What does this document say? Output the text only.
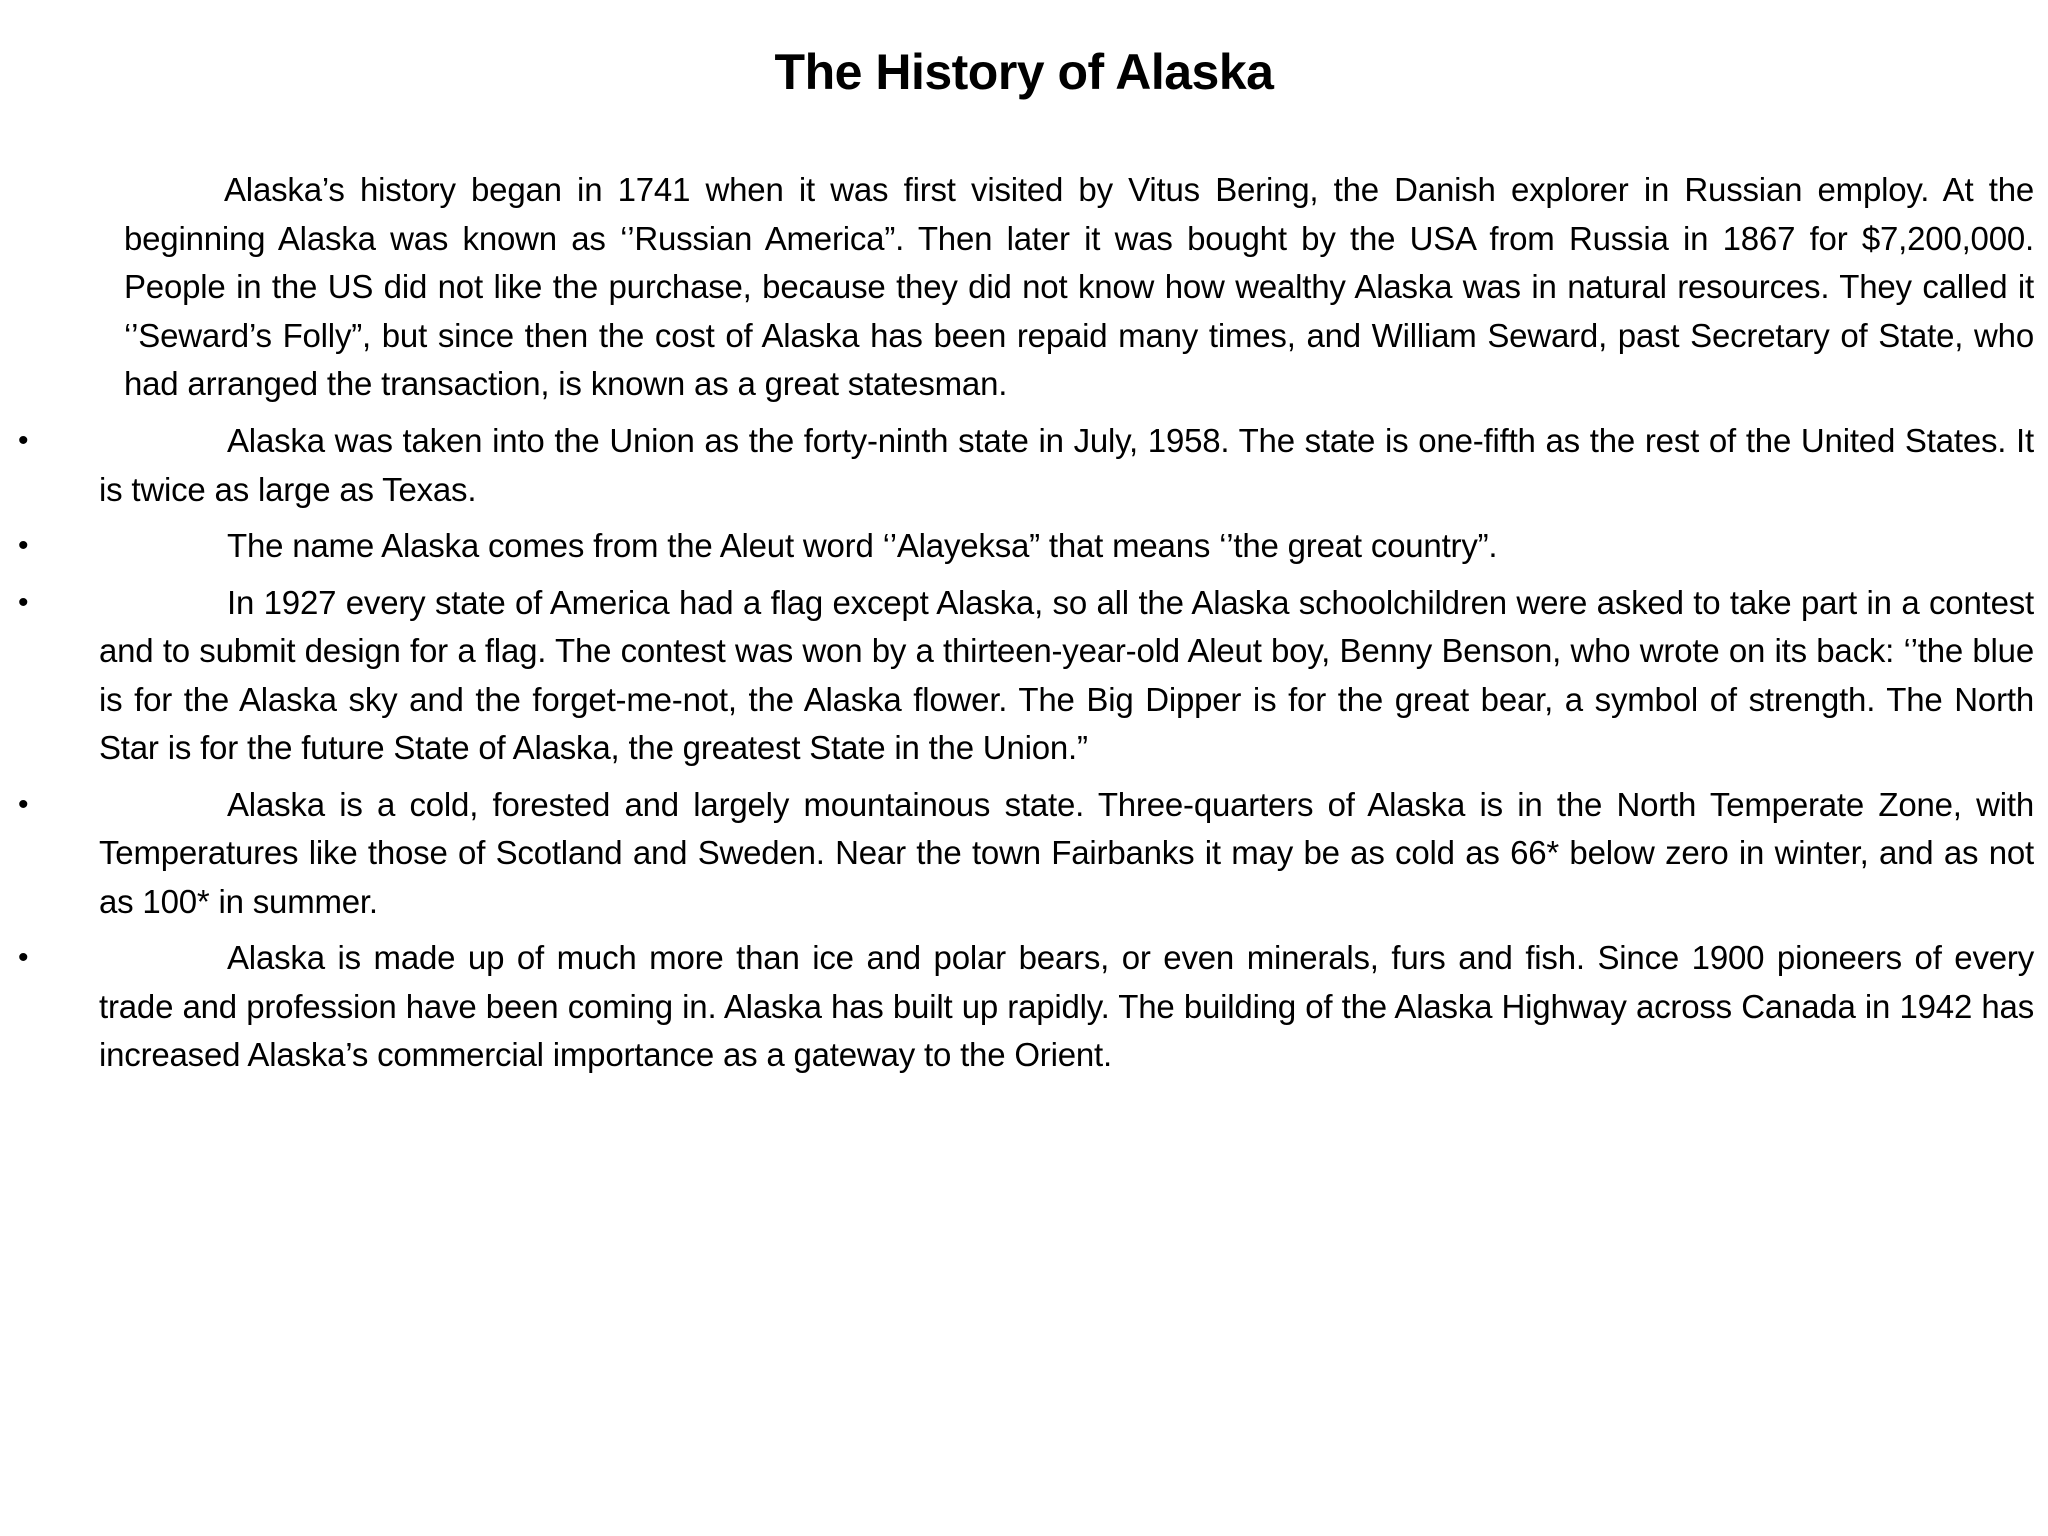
The History of Alaska

Alaska’s history began in 1741 when it was first visited by Vitus Bering, the Danish explorer in Russian employ. At the beginning Alaska was known as ‘’Russian America”. Then later it was bought by the USA from Russia in 1867 for $7,200,000. People in the US did not like the purchase, because they did not know how wealthy Alaska was in natural resources. They called it ‘’Seward’s Folly”, but since then the cost of Alaska has been repaid many times, and William Seward, past Secretary of State, who had arranged the transaction, is known as a great statesman.

•	Alaska was taken into the Union as the forty-ninth state in July, 1958. The state is one-fifth as the rest of the United States. It is twice as large as Texas.
•	The name Alaska comes from the Aleut word ‘’Alayeksa” that means ‘’the great country”.
•	In 1927 every state of America had a flag except Alaska, so all the Alaska schoolchildren were asked to take part in a contest and to submit design for a flag. The contest was won by a thirteen-year-old Aleut boy, Benny Benson, who wrote on its back: ‘’the blue is for the Alaska sky and the forget-me-not, the Alaska flower. The Big Dipper is for the great bear, a symbol of strength. The North Star is for the future State of Alaska, the greatest State in the Union.”
•	Alaska is a cold, forested and largely mountainous state. Three-quarters of Alaska is in the North Temperate Zone, with Temperatures like those of Scotland and Sweden. Near the town Fairbanks it may be as cold as 66* below zero in winter, and as not as 100* in summer.
•	Alaska is made up of much more than ice and polar bears, or even minerals, furs and fish. Since 1900 pioneers of every trade and profession have been coming in. Alaska has built up rapidly. The building of the Alaska Highway across Canada in 1942 has increased Alaska’s commercial importance as a gateway to the Orient.
